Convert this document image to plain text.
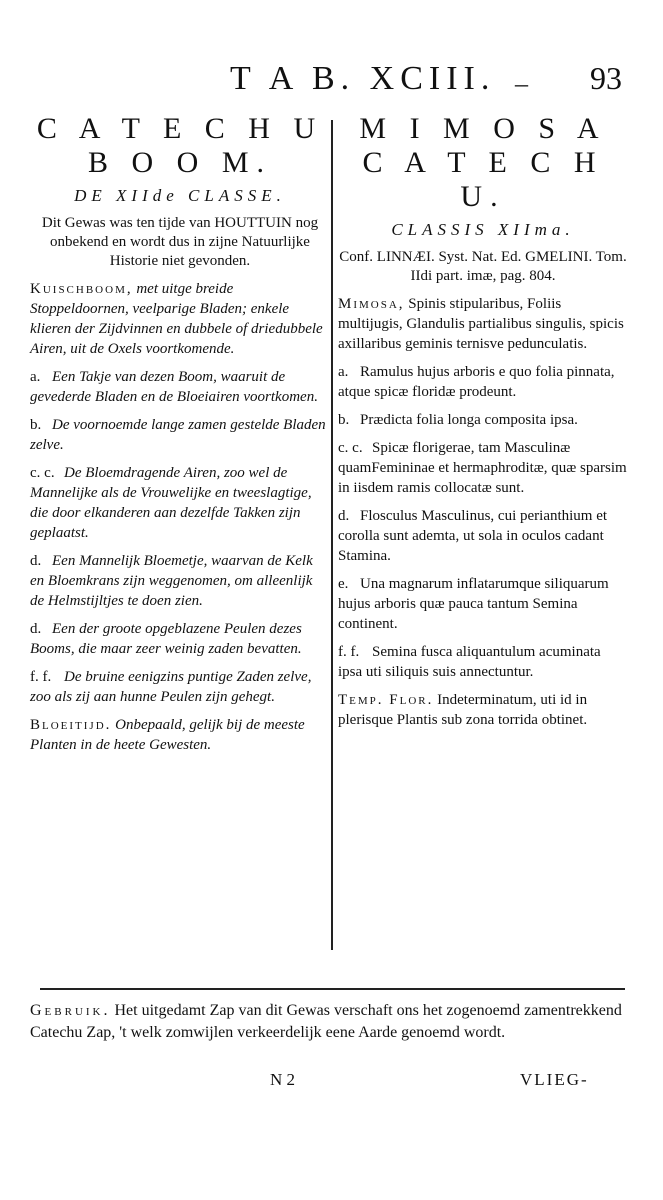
T A B. XCIII. _ 93
C A T E C H U
B O O M.
DE XIIde CLASSE.
Dit Gewas was ten tijde van HOUTTUIN nog onbekend en wordt dus in zijne Natuurlijke Historie niet gevonden.
Kuischboom, met uitge breide Stoppeldoornen, veelparige Bladen; enkele klieren der Zijdvinnen en dubbele of driedubbele Airen, uit de Oxels voortkomende.
a. Een Takje van dezen Boom, waaruit de gevederde Bladen en de Bloeiairen voortkomen.
b. De voornoemde lange zamen gestelde Bladen zelve.
c. c. De Bloemdragende Airen, zoo wel de Mannelijke als de Vrouwelijke en tweeslagtige, die door elkanderen aan dezelfde Takken zijn geplaatst.
d. Een Mannelijk Bloemetje, waarvan de Kelk en Bloemkrans zijn weggenomen, om alleenlijk de Helmstijltjes te doen zien.
d. Een der groote opgeblazene Peulen dezes Booms, die maar zeer weinig zaden bevatten.
f. f. De bruine eenigzins puntige Zaden zelve, zoo als zij aan hunne Peulen zijn gehegt.
Bloeitijd. Onbepaald, gelijk bij de meeste Planten in de heete Gewesten.
M I M O S A
C A T E C H U.
CLASSIS XIIma.
Conf. LINNÆI. Syst. Nat. Ed. GMELINI. Tom. IIdi part. imæ, pag. 804.
Mimosa, Spinis stipularibus, Foliis multijugis, Glandulis partialibus singulis, spicis axillaribus geminis ternisve pedunculatis.
a. Ramulus hujus arboris e quo folia pinnata, atque spicæ floridæ prodeunt.
b. Prædicta folia longa composita ipsa.
c. c. Spicæ florigerae, tam Masculinæ quamFemininae et hermaphroditæ, quæ sparsim in iisdem ramis collocatæ sunt.
d. Flosculus Masculinus, cui perianthium et corolla sunt ademta, ut sola in oculos cadant Stamina.
e. Una magnarum inflatarumque siliquarum hujus arboris quæ pauca tantum Semina continent.
f. f. Semina fusca aliquantulum acuminata ipsa uti siliquis suis annectuntur.
Temp. Flor. Indeterminatum, uti id in plerisque Plantis sub zona torrida obtinet.
Gebruik. Het uitgedamt Zap van dit Gewas verschaft ons het zogenoemd zamentrekkend Catechu Zap, 't welk zomwijlen verkeerdelijk eene Aarde genoemd wordt.
N 2	VLIEG-
